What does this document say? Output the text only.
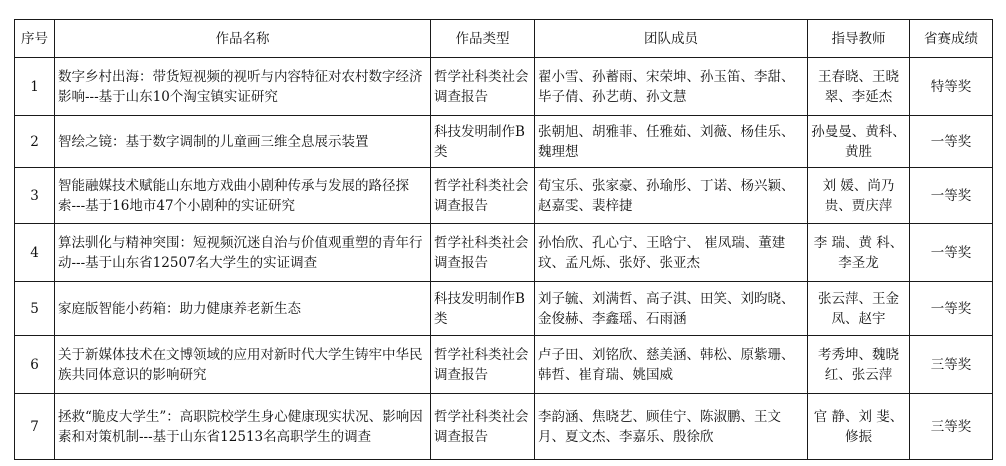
序号	作品名称	作品类型	团队成员	指导教师	省赛成绩
1	数字乡村出海：带货短视频的视听与内容特征对农村数字经济影响---基于山东10个淘宝镇实证研究	哲学社科类社会调查报告	翟小雪、孙蓄雨、宋荣坤、孙玉笛、李甜、毕子倩、孙艺萌、孙文慧	王春晓、王晓翠、李延杰	特等奖
2	智绘之镜：基于数字调制的儿童画三维全息展示装置	科技发明制作B类	张朝旭、胡雅菲、任雅茹、刘薇、杨佳乐、魏理想	孙曼曼、黄科、黄胜	一等奖
3	智能融媒技术赋能山东地方戏曲小剧种传承与发展的路径探索---基于16地市47个小剧种的实证研究	哲学社科类社会调查报告	荀宝乐、张家豪、孙瑜彤、丁诺、杨兴颖、赵嘉雯、裴梓捷	刘 媛、尚乃贵、贾庆萍	一等奖
4	算法驯化与精神突围：短视频沉迷自治与价值观重塑的青年行动---基于山东省12507名大学生的实证调查	哲学社科类社会调查报告	孙怡欣、孔心宁、王晗宁、 崔凤瑞、董建玟、孟凡烁、张妤、张亚杰	李 瑞、黄 科、李圣龙	一等奖
5	家庭版智能小药箱：助力健康养老新生态	科技发明制作B类	刘子毓、刘满哲、高子淇、田笑、刘昀晓、金俊赫、李鑫瑶、石雨涵	张云萍、王金凤、赵宇	一等奖
6	关于新媒体技术在文博领域的应用对新时代大学生铸牢中华民族共同体意识的影响研究	哲学社科类社会调查报告	卢子田、刘铭欣、慈美涵、韩松、原紫珊、韩哲、崔育瑞、姚国威	考秀坤、魏晓红、张云萍	三等奖
7	拯救“脆皮大学生”：高职院校学生身心健康现实状况、影响因素和对策机制---基于山东省12513名高职学生的调查	哲学社科类社会调查报告	李韵涵、焦晓艺、顾佳宁、陈淑鹏、王文月、夏文杰、李嘉乐、殷徐欣	官 静、刘 斐、修振	三等奖
